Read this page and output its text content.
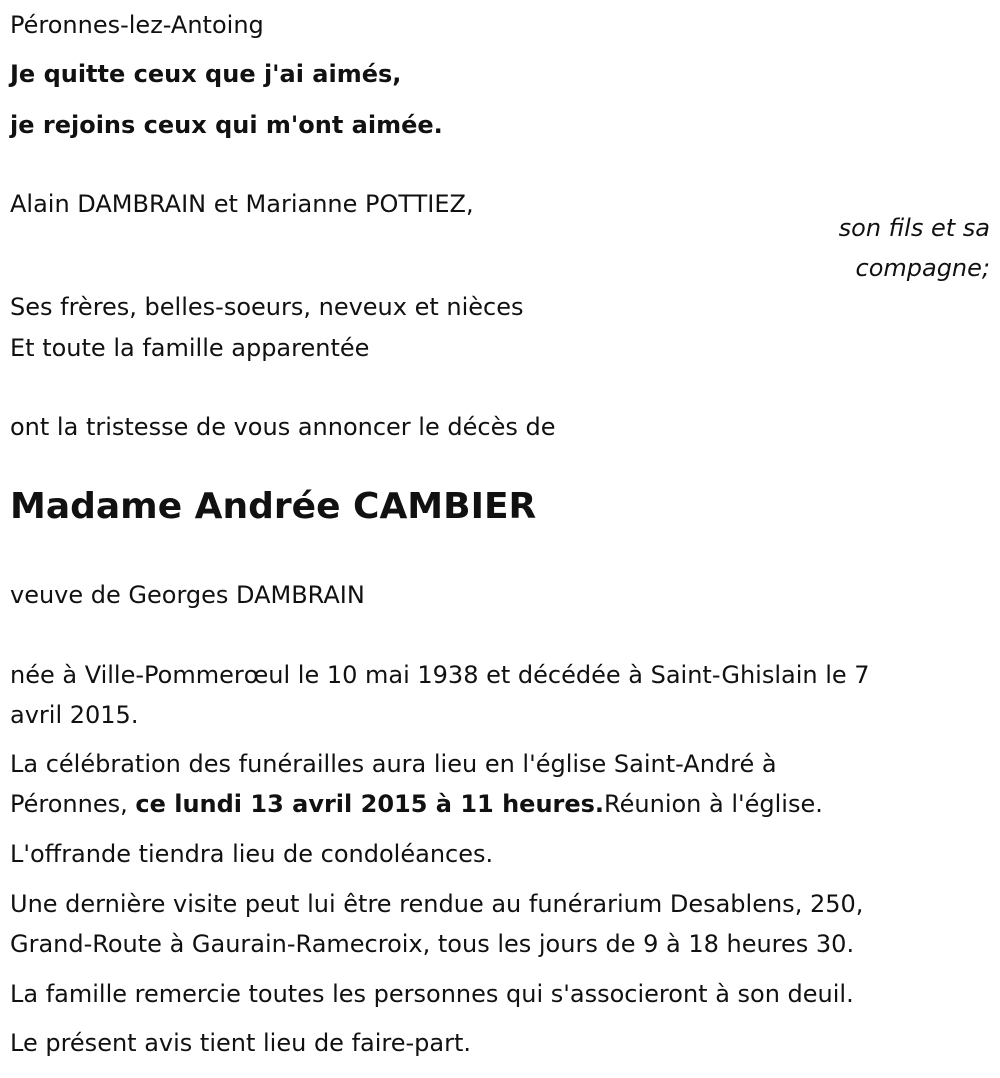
Péronnes-lez-Antoing

Je quitte ceux que j'ai aimés,

je rejoins ceux qui m'ont aimée.

Alain DAMBRAIN et Marianne POTTIEZ,

son fils et sa
compagne;

Ses frères, belles-soeurs, neveux et nièces

Et toute la famille apparentée

ont la tristesse de vous annoncer le décès de

Madame Andrée CAMBIER

veuve de Georges DAMBRAIN

née à Ville-Pommerœul le 10 mai 1938 et décédée à Saint-Ghislain le 7

avril 2015.

La célébration des funérailles aura lieu en l'église Saint-André à

Péronnes, ce lundi 13 avril 2015 à 11 heures.Réunion à l'église.

L'offrande tiendra lieu de condoléances.

Une dernière visite peut lui être rendue au funérarium Desablens, 250,

Grand-Route à Gaurain-Ramecroix, tous les jours de 9 à 18 heures 30.

La famille remercie toutes les personnes qui s'associeront à son deuil.

Le présent avis tient lieu de faire-part.
